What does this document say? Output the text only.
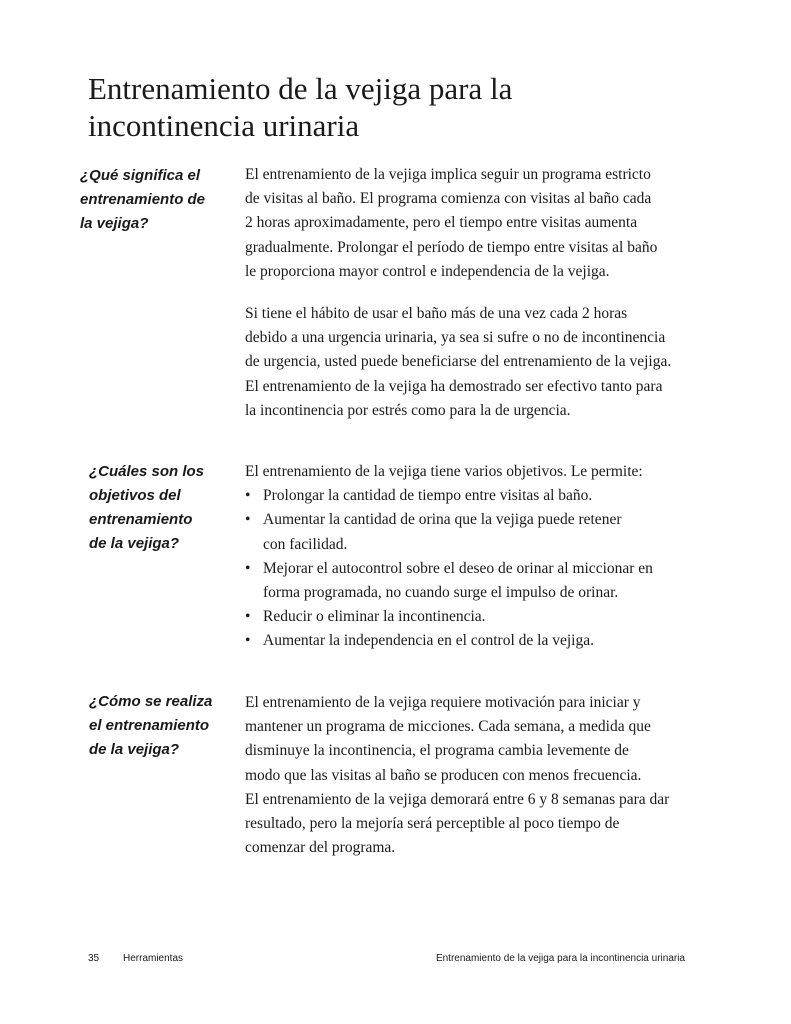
Entrenamiento de la vejiga para la
incontinencia urinaria
¿Qué significa el
entrenamiento de
la vejiga?
El entrenamiento de la vejiga implica seguir un programa estricto
de visitas al baño. El programa comienza con visitas al baño cada
2 horas aproximadamente, pero el tiempo entre visitas aumenta
gradualmente. Prolongar el período de tiempo entre visitas al baño
le proporciona mayor control e independencia de la vejiga.
Si tiene el hábito de usar el baño más de una vez cada 2 horas
debido a una urgencia urinaria, ya sea si sufre o no de incontinencia
de urgencia, usted puede beneficiarse del entrenamiento de la vejiga.
El entrenamiento de la vejiga ha demostrado ser efectivo tanto para
la incontinencia por estrés como para la de urgencia.
¿Cuáles son los
objetivos del
entrenamiento
de la vejiga?
El entrenamiento de la vejiga tiene varios objetivos. Le permite:
• Prolongar la cantidad de tiempo entre visitas al baño.
• Aumentar la cantidad de orina que la vejiga puede retener
con facilidad.
• Mejorar el autocontrol sobre el deseo de orinar al miccionar en
forma programada, no cuando surge el impulso de orinar.
• Reducir o eliminar la incontinencia.
• Aumentar la independencia en el control de la vejiga.
¿Cómo se realiza
el entrenamiento
de la vejiga?
El entrenamiento de la vejiga requiere motivación para iniciar y
mantener un programa de micciones. Cada semana, a medida que
disminuye la incontinencia, el programa cambia levemente de
modo que las visitas al baño se producen con menos frecuencia.
El entrenamiento de la vejiga demorará entre 6 y 8 semanas para dar
resultado, pero la mejoría será perceptible al poco tiempo de
comenzar del programa.
35 Herramientas	Entrenamiento de la vejiga para la incontinencia urinaria
